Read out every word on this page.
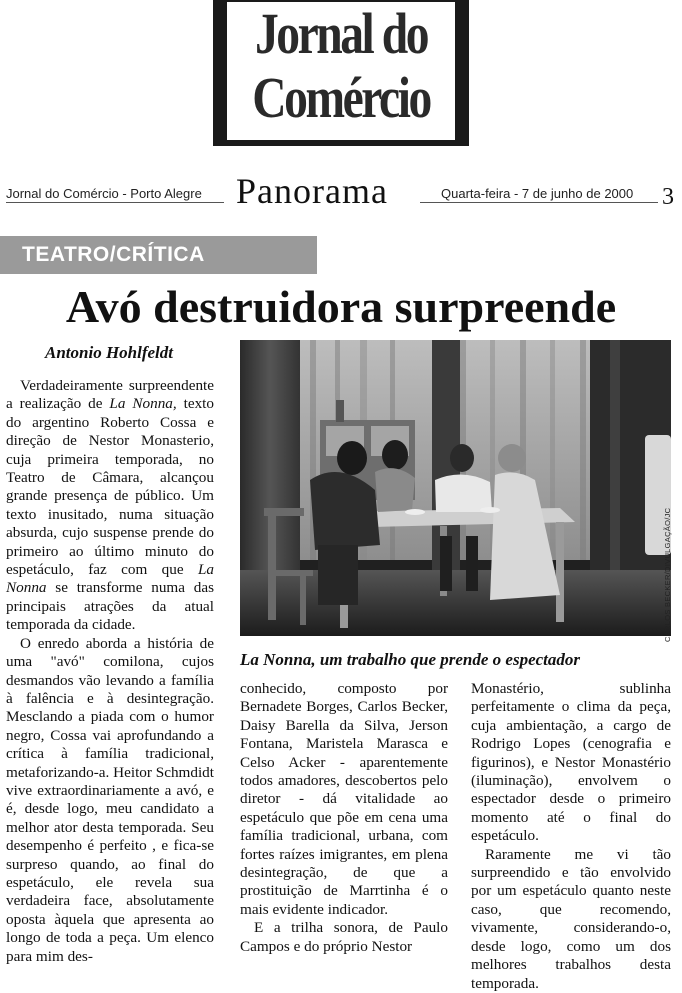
Jornal do
Comércio
Jornal do Comércio - Porto Alegre Panorama	Quarta-feira - 7 de junho de 2000 3
TEATRO/CRÍTICA
Avó destruidora surpreende
Antonio Hohlfeldt

Verdadeiramente surpreendente a realização de La Nonna, texto do argentino Roberto Cossa e direção de Nestor Monasterio, cuja primeira temporada, no Teatro de Câmara, alcançou grande presença de público. Um texto inusitado, numa situação absurda, cujo suspense prende do primeiro ao último minuto do espetáculo, faz com que La Nonna se transforme numa das principais atrações da atual temporada da cidade.

O enredo aborda a história de uma "avó" comilona, cujos desmandos vão levando a família à falência e à desintegração. Mesclando a piada com o humor negro, Cossa vai aprofundando a crítica à família tradicional, metaforizando-a. Heitor Schmdidt vive extraordinariamente a avó, e é, desde logo, meu candidato a melhor ator desta temporada. Seu desempenho é perfeito , e fica-se surpreso quando, ao final do espetáculo, ele revela sua verdadeira face, absolutamente oposta àquela que apresenta ao longo de toda a peça. Um elenco para mim des-

CARLOS BECKER/DIVULGAÇÃO/JC
La Nonna, um trabalho que prende o espectador

conhecido, composto por Bernadete Borges, Carlos Becker, Daisy Barella da Silva, Jerson Fontana, Maristela Marasca e Celso Acker - aparentemente todos amadores, descobertos pelo diretor - dá vitalidade ao espetáculo que põe em cena uma família tradicional, urbana, com fortes raízes imigrantes, em plena desintegração, de que a prostituição de Marrtinha é o mais evidente indicador.

E a trilha sonora, de Paulo Campos e do próprio Nestor

Monastério, sublinha perfeitamente o clima da peça, cuja ambientação, a cargo de Rodrigo Lopes (cenografia e figurinos), e Nestor Monastério (iluminação), envolvem o espectador desde o primeiro momento até o final do espetáculo.

Raramente me vi tão surpreendido e tão envolvido por um espetáculo quanto neste caso, que recomendo, vivamente, considerando-o, desde logo, como um dos melhores trabalhos desta temporada.
